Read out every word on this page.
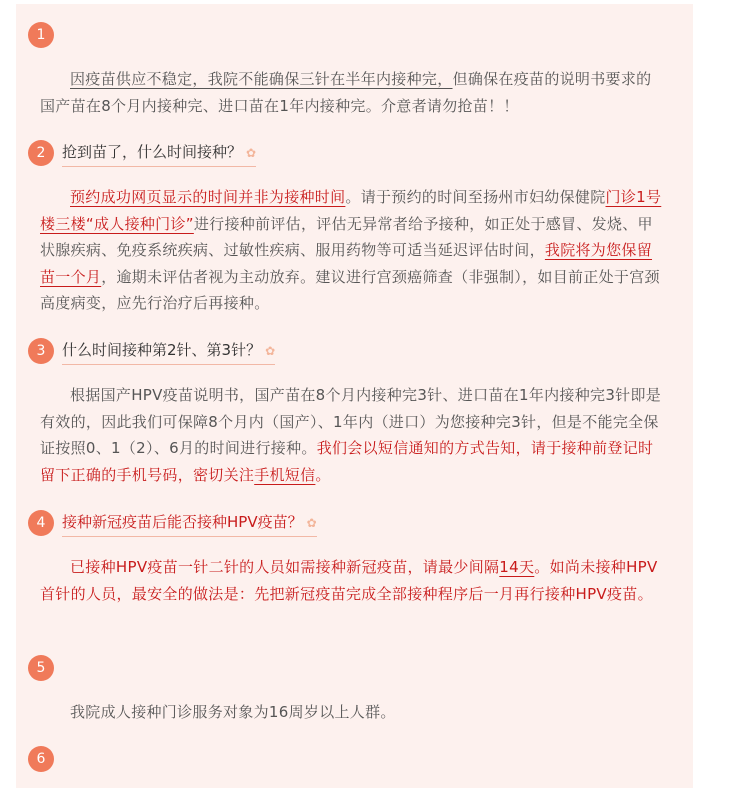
1
因疫苗供应不稳定，我院不能确保三针在半年内接种完，但确保在疫苗的说明书要求的国产苗在8个月内接种完、进口苗在1年内接种完。介意者请勿抢苗！！
2	抢到苗了，什么时间接种？ ✿
预约成功网页显示的时间并非为接种时间。请于预约的时间至扬州市妇幼保健院门诊1号楼三楼“成人接种门诊”进行接种前评估，评估无异常者给予接种，如正处于感冒、发烧、甲状腺疾病、免疫系统疾病、过敏性疾病、服用药物等可适当延迟评估时间，我院将为您保留苗一个月，逾期未评估者视为主动放弃。建议进行宫颈癌筛查（非强制），如目前正处于宫颈高度病变，应先行治疗后再接种。
3	什么时间接种第2针、第3针？ ✿
根据国产HPV疫苗说明书，国产苗在8个月内接种完3针、进口苗在1年内接种完3针即是有效的，因此我们可保障8个月内（国产）、1年内（进口）为您接种完3针，但是不能完全保证按照0、1（2）、6月的时间进行接种。我们会以短信通知的方式告知，请于接种前登记时留下正确的手机号码，密切关注手机短信。
4	接种新冠疫苗后能否接种HPV疫苗？ ✿
已接种HPV疫苗一针二针的人员如需接种新冠疫苗，请最少间隔14天。如尚未接种HPV首针的人员，最安全的做法是：先把新冠疫苗完成全部接种程序后一月再行接种HPV疫苗。
5
我院成人接种门诊服务对象为16周岁以上人群。
6
